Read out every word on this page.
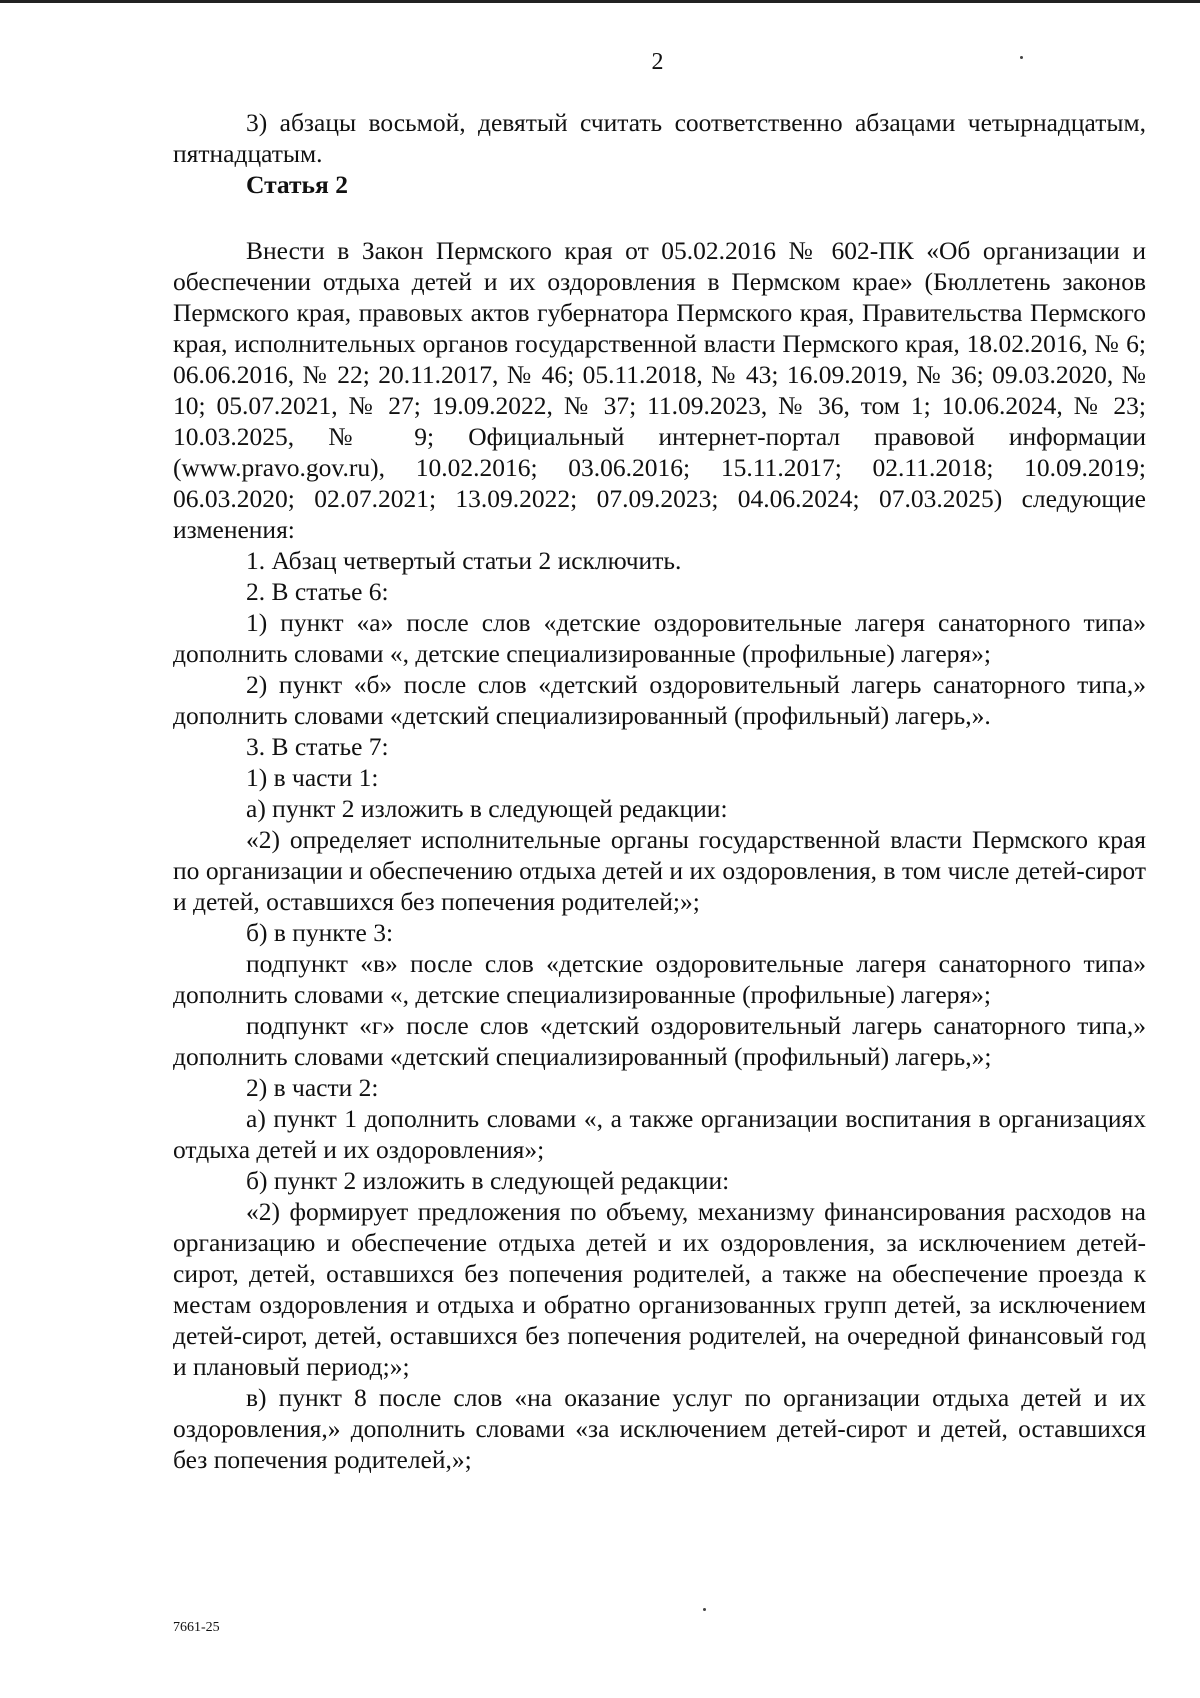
2

3) абзацы восьмой, девятый считать соответственно абзацами четырнадцатым, пятнадцатым.

Статья 2

Внести в Закон Пермского края от 05.02.2016 № 602-ПК «Об организации и обеспечении отдыха детей и их оздоровления в Пермском крае» (Бюллетень законов Пермского края, правовых актов губернатора Пермского края, Правительства Пермского края, исполнительных органов государственной власти Пермского края, 18.02.2016, № 6; 06.06.2016, № 22; 20.11.2017, № 46; 05.11.2018, № 43; 16.09.2019, № 36; 09.03.2020, № 10; 05.07.2021, № 27; 19.09.2022, № 37; 11.09.2023, № 36, том 1; 10.06.2024, № 23; 10.03.2025, № 9; Официальный интернет-портал правовой информации (www.pravo.gov.ru), 10.02.2016; 03.06.2016; 15.11.2017; 02.11.2018; 10.09.2019; 06.03.2020; 02.07.2021; 13.09.2022; 07.09.2023; 04.06.2024; 07.03.2025) следующие изменения:

1. Абзац четвертый статьи 2 исключить.

2. В статье 6:

1) пункт «а» после слов «детские оздоровительные лагеря санаторного типа» дополнить словами «, детские специализированные (профильные) лагеря»;

2) пункт «б» после слов «детский оздоровительный лагерь санаторного типа,» дополнить словами «детский специализированный (профильный) лагерь,».

3. В статье 7:

1) в части 1:

а) пункт 2 изложить в следующей редакции:

«2) определяет исполнительные органы государственной власти Пермского края по организации и обеспечению отдыха детей и их оздоровления, в том числе детей-сирот и детей, оставшихся без попечения родителей;»;

б) в пункте 3:

подпункт «в» после слов «детские оздоровительные лагеря санаторного типа» дополнить словами «, детские специализированные (профильные) лагеря»;

подпункт «г» после слов «детский оздоровительный лагерь санаторного типа,» дополнить словами «детский специализированный (профильный) лагерь,»;

2) в части 2:

а) пункт 1 дополнить словами «, а также организации воспитания в организациях отдыха детей и их оздоровления»;

б) пункт 2 изложить в следующей редакции:

«2) формирует предложения по объему, механизму финансирования расходов на организацию и обеспечение отдыха детей и их оздоровления, за исключением детей-сирот, детей, оставшихся без попечения родителей, а также на обеспечение проезда к местам оздоровления и отдыха и обратно организованных групп детей, за исключением детей-сирот, детей, оставшихся без попечения родителей, на очередной финансовый год и плановый период;»;

в) пункт 8 после слов «на оказание услуг по организации отдыха детей и их оздоровления,» дополнить словами «за исключением детей-сирот и детей, оставшихся без попечения родителей,»;

7661-25
